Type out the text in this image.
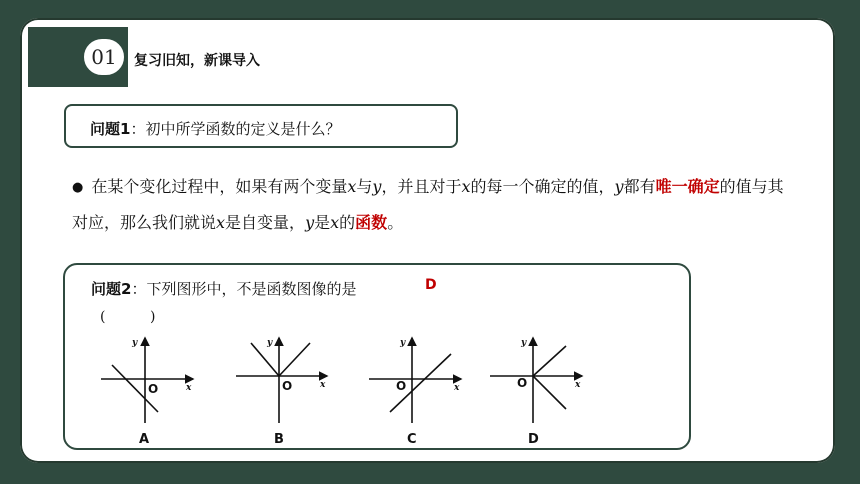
01	复习旧知，新课导入
问题1：初中所学函数的定义是什么？
● 在某个变化过程中，如果有两个变量x与y，并且对于x的每一个确定的值，y都有唯一确定的值与其对应，那么我们就说x是自变量，y是x的函数。
问题2：下列图形中，不是函数图像的是	D
(          )
y
x
y
x
y
x
y
x
O	O	O	O
A	B	C	D
